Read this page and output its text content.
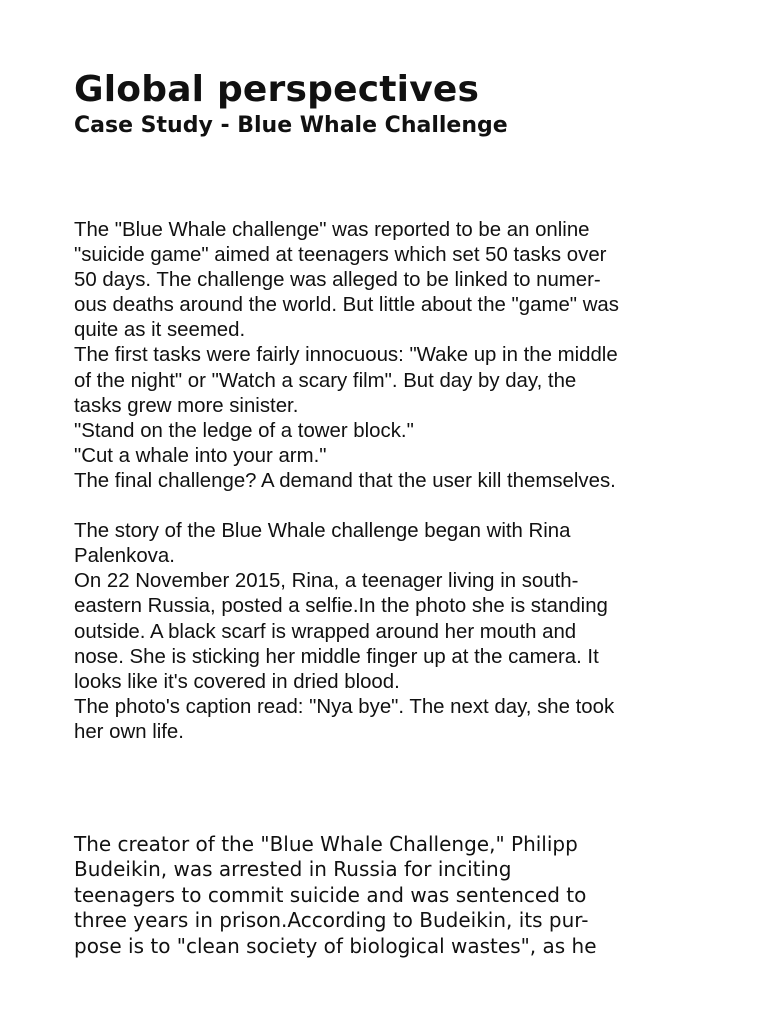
Global perspectives
Case Study - Blue Whale Challenge

The "Blue Whale challenge" was reported to be an online

"suicide game" aimed at teenagers which set 50 tasks over

50 days. The challenge was alleged to be linked to numer-

ous deaths around the world. But little about the "game" was

quite as it seemed.

The first tasks were fairly innocuous: "Wake up in the middle

of the night" or "Watch a scary film". But day by day, the

tasks grew more sinister.

"Stand on the ledge of a tower block."

"Cut a whale into your arm."

The final challenge? A demand that the user kill themselves.

The story of the Blue Whale challenge began with Rina

Palenkova.

On 22 November 2015, Rina, a teenager living in south-

eastern Russia, posted a selfie.In the photo she is standing

outside. A black scarf is wrapped around her mouth and

nose. She is sticking her middle finger up at the camera. It

looks like it's covered in dried blood.

The photo's caption read: "Nya bye". The next day, she took

her own life.

The creator of the "Blue Whale Challenge," Philipp

Budeikin, was arrested in Russia for inciting

teenagers to commit suicide and was sentenced to

three years in prison.According to Budeikin, its pur-

pose is to "clean society of biological wastes", as he
